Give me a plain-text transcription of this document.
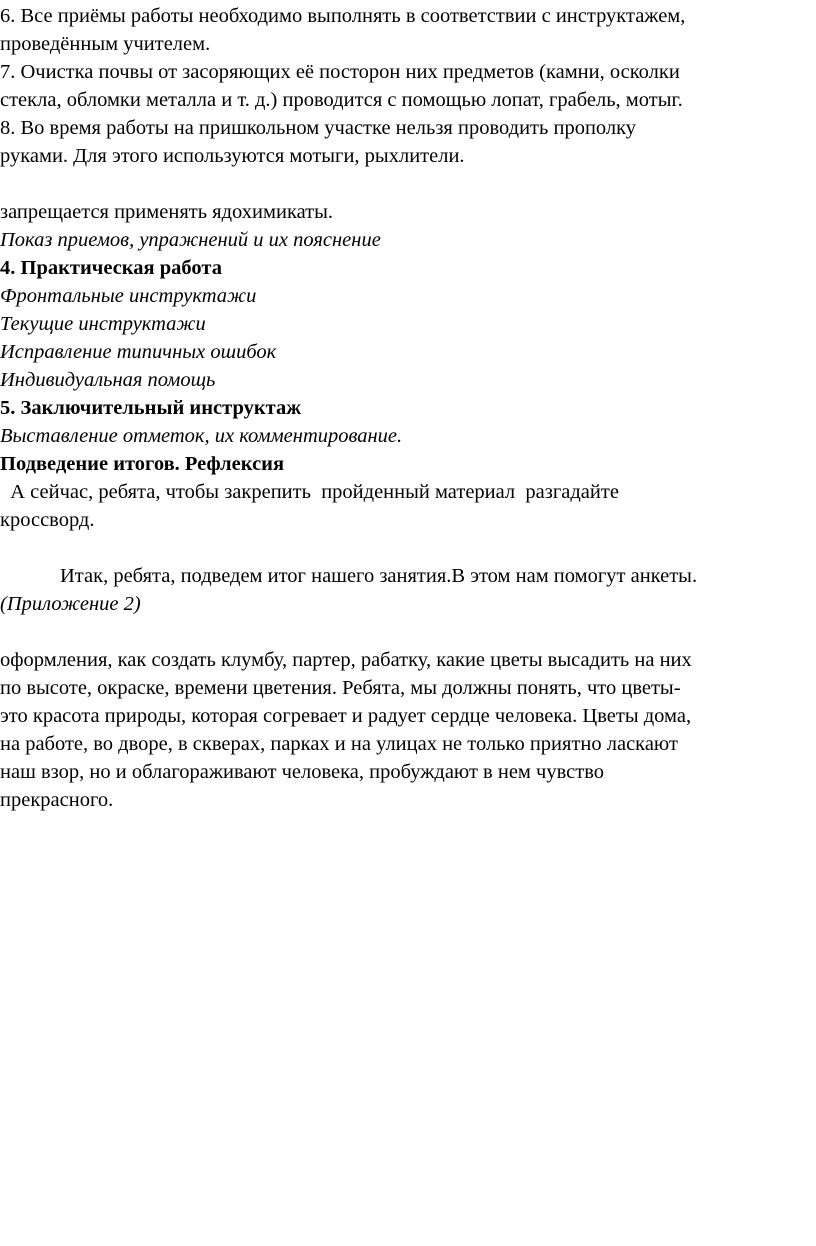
6. Все приёмы работы необходимо выполнять в соответствии с инструктажем,
проведённым учителем.
7. Очистка почвы от засоряющих её посторон них предметов (камни, осколки
стекла, обломки металла и т. д.) проводится с помощью лопат, грабель, мотыг.
8. Во время работы на пришкольном участке нельзя проводить прополку
руками. Для этого используются мотыги, рыхлители.

запрещается применять ядохимикаты.
Показ приемов, упражнений и их пояснение
4. Практическая работа
Фронтальные инструктажи
Текущие инструктажи
Исправление типичных ошибок
Индивидуальная помощь
5. Заключительный инструктаж
Выставление отметок, их комментирование.
Подведение итогов. Рефлексия
А сейчас, ребята, чтобы закрепить  пройденный материал  разгадайте
кроссворд.

Итак, ребята, подведем итог нашего занятия.В этом нам помогут анкеты.
(Приложение 2)

оформления, как создать клумбу, партер, рабатку, какие цветы высадить на них
по высоте, окраске, времени цветения. Ребята, мы должны понять, что цветы-
это красота природы, которая согревает и радует сердце человека. Цветы дома,
на работе, во дворе, в скверах, парках и на улицах не только приятно ласкают
наш взор, но и облагораживают человека, пробуждают в нем чувство
прекрасного.
